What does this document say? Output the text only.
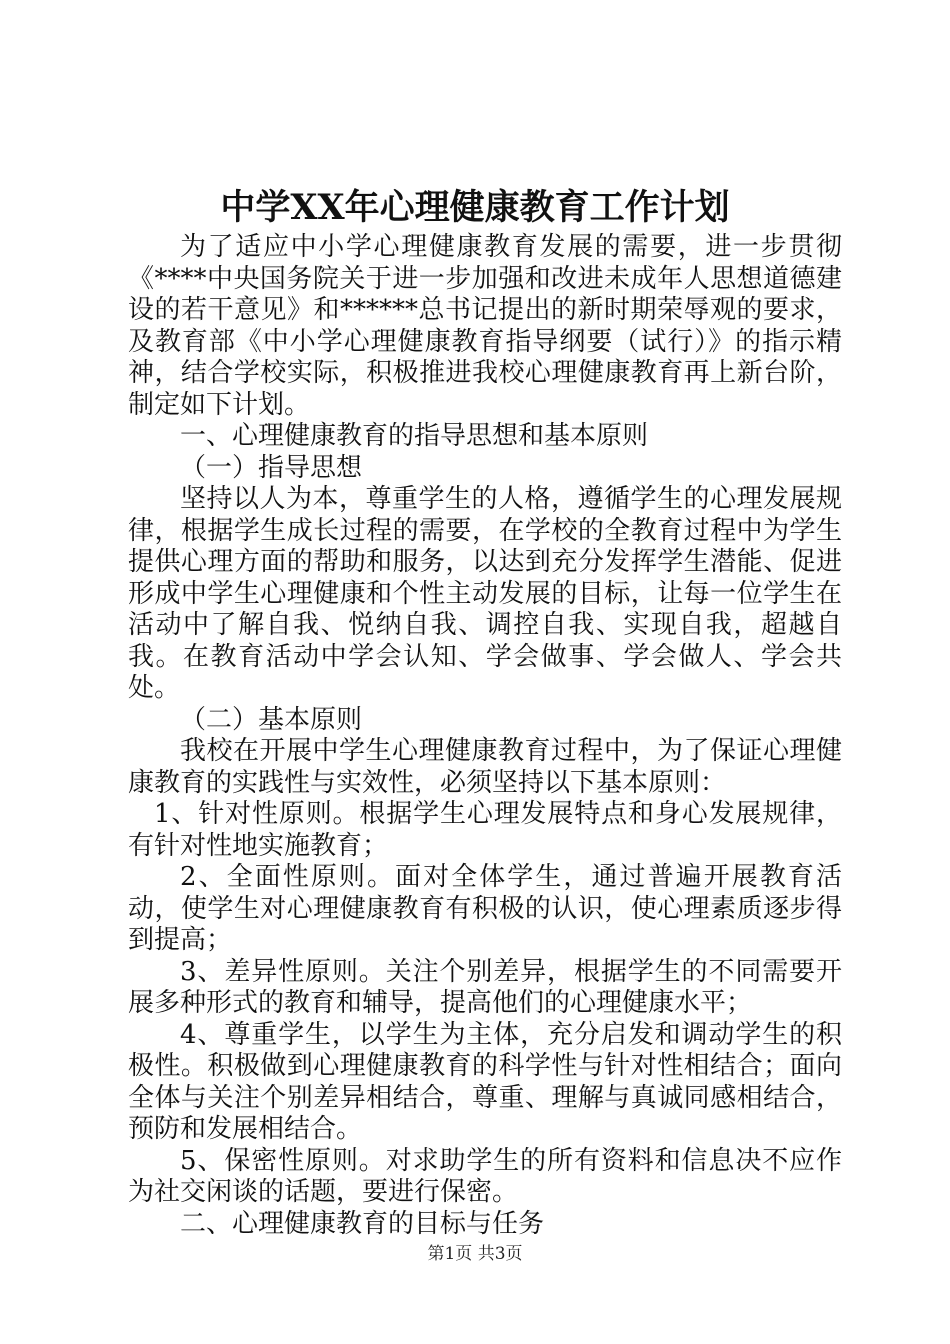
中学XX年心理健康教育工作计划

为了适应中小学心理健康教育发展的需要，进一步贯彻《****中央国务院关于进一步加强和改进未成年人思想道德建设的若干意见》和******总书记提出的新时期荣辱观的要求，及教育部《中小学心理健康教育指导纲要（试行）》的指示精神，结合学校实际，积极推进我校心理健康教育再上新台阶，制定如下计划。

一、心理健康教育的指导思想和基本原则

（一）指导思想

坚持以人为本，尊重学生的人格，遵循学生的心理发展规律，根据学生成长过程的需要，在学校的全教育过程中为学生提供心理方面的帮助和服务，以达到充分发挥学生潜能、促进形成中学生心理健康和个性主动发展的目标，让每一位学生在活动中了解自我、悦纳自我、调控自我、实现自我，超越自我。在教育活动中学会认知、学会做事、学会做人、学会共处。

（二）基本原则

我校在开展中学生心理健康教育过程中，为了保证心理健康教育的实践性与实效性，必须坚持以下基本原则：

1、针对性原则。根据学生心理发展特点和身心发展规律，有针对性地实施教育；

2、全面性原则。面对全体学生，通过普遍开展教育活动，使学生对心理健康教育有积极的认识，使心理素质逐步得到提高；

3、差异性原则。关注个别差异，根据学生的不同需要开展多种形式的教育和辅导，提高他们的心理健康水平；

4、尊重学生，以学生为主体，充分启发和调动学生的积极性。积极做到心理健康教育的科学性与针对性相结合；面向全体与关注个别差异相结合，尊重、理解与真诚同感相结合，预防和发展相结合。

5、保密性原则。对求助学生的所有资料和信息决不应作为社交闲谈的话题，要进行保密。

二、心理健康教育的目标与任务

第1页 共3页
